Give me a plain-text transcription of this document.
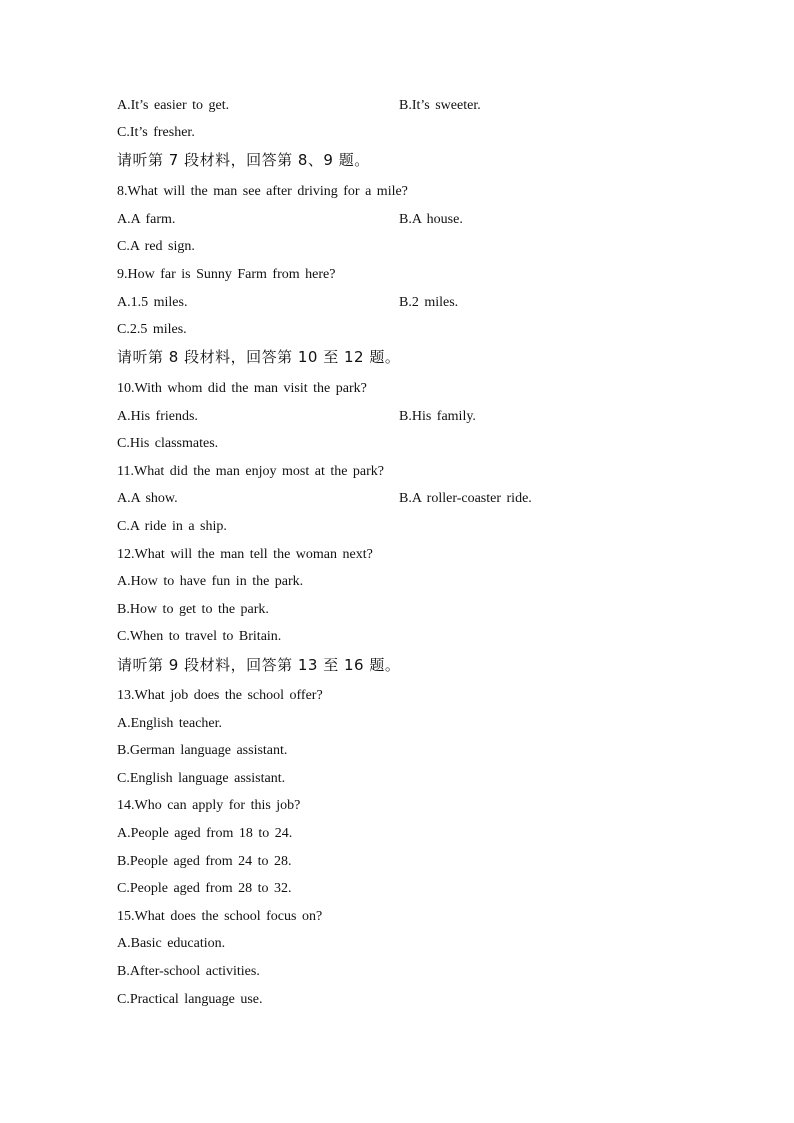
A.It’s easier to get.	B.It’s sweeter.
C.It’s fresher.
请听第 7 段材料，回答第 8、9 题。
8.What will the man see after driving for a mile?
A.A farm.	B.A house.
C.A red sign.
9.How far is Sunny Farm from here?
A.1.5 miles.	B.2 miles.
C.2.5 miles.
请听第 8 段材料，回答第 10 至 12 题。
10.With whom did the man visit the park?
A.His friends.	B.His family.
C.His classmates.
11.What did the man enjoy most at the park?
A.A show.	B.A roller-coaster ride.
C.A ride in a ship.
12.What will the man tell the woman next?
A.How to have fun in the park.
B.How to get to the park.
C.When to travel to Britain.
请听第 9 段材料，回答第 13 至 16 题。
13.What job does the school offer?
A.English teacher.
B.German language assistant.
C.English language assistant.
14.Who can apply for this job?
A.People aged from 18 to 24.
B.People aged from 24 to 28.
C.People aged from 28 to 32.
15.What does the school focus on?
A.Basic education.
B.After-school activities.
C.Practical language use.
